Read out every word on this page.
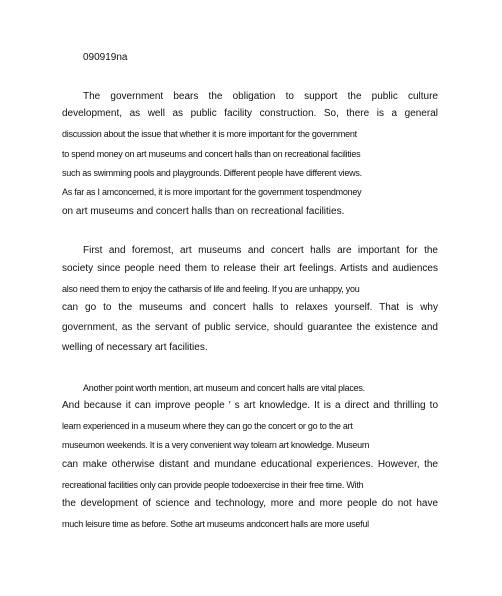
090919na
The government bears the obligation to support the public culture
development, as well as public facility construction. So, there is a general
discussion about the issue that whether it is more important for the government
to spend money on art museums and concert halls than on recreational facilities
such as swimming pools and playgrounds. Different people have different views.
As far as I amconcerned, it is more important for the government tospendmoney
on art museums and concert halls than on recreational facilities.
First and foremost, art museums and concert halls are important for the
society since people need them to release their art feelings. Artists and audiences
also need them to enjoy the catharsis of life and feeling. If you are unhappy, you
can go to the museums and concert halls to relaxes yourself. That is why
government, as the servant of public service, should guarantee the existence and
welling of necessary art facilities.
Another point worth mention, art museum and concert halls are vital places.
And because it can improve people ′ s art knowledge. It is a direct and thrilling to
learn experienced in a museum where they can go the concert or go to the art
museumon weekends. It is a very convenient way tolearn art knowledge. Museum
can make otherwise distant and mundane educational experiences. However, the
recreational facilities only can provide people todoexercise in their free time. With
the development of science and technology, more and more people do not have
much leisure time as before. Sothe art museums andconcert halls are more useful
